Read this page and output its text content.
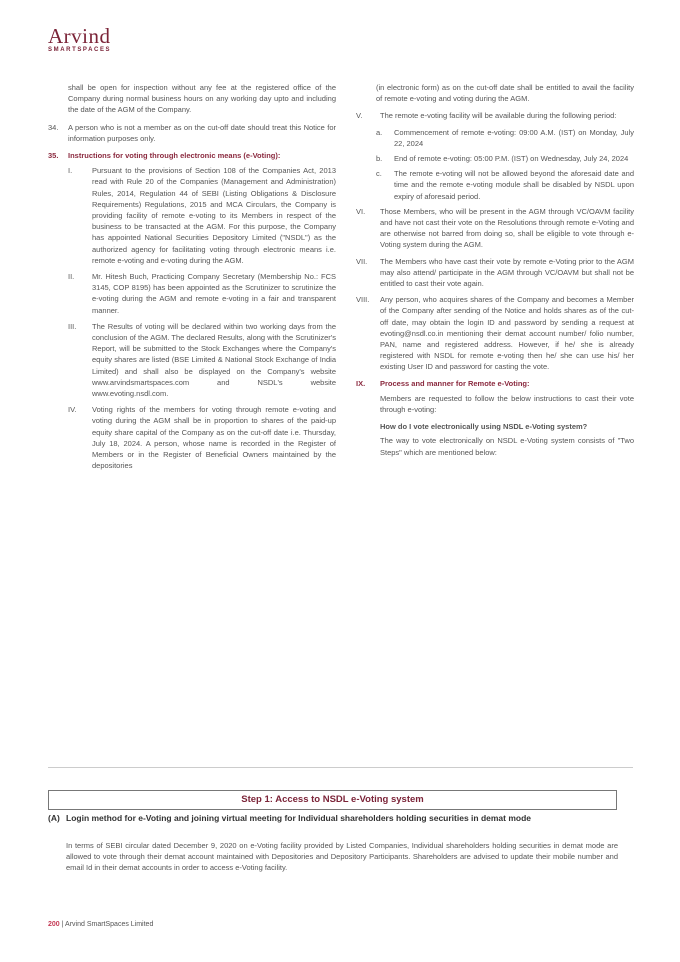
Arvind
SMARTSPACES
shall be open for inspection without any fee at the registered office of the Company during normal business hours on any working day upto and including the date of the AGM of the Company.
34.	A person who is not a member as on the cut-off date should treat this Notice for information purposes only.
35.	Instructions for voting through electronic means (e-Voting):
I.	Pursuant to the provisions of Section 108 of the Companies Act, 2013 read with Rule 20 of the Companies (Management and Administration) Rules, 2014, Regulation 44 of SEBI (Listing Obligations & Disclosure Requirements) Regulations, 2015 and MCA Circulars, the Company is providing facility of remote e-voting to its Members in respect of the business to be transacted at the AGM. For this purpose, the Company has appointed National Securities Depository Limited ("NSDL") as the authorized agency for facilitating voting through electronic means i.e. remote e-voting and e-voting during the AGM.
II.	Mr. Hitesh Buch, Practicing Company Secretary (Membership No.: FCS 3145, COP 8195) has been appointed as the Scrutinizer to scrutinize the e-voting during the AGM and remote e-voting in a fair and transparent manner.
III.	The Results of voting will be declared within two working days from the conclusion of the AGM. The declared Results, along with the Scrutinizer's Report, will be submitted to the Stock Exchanges where the Company's equity shares are listed (BSE Limited & National Stock Exchange of India Limited) and shall also be displayed on the Company's website www.arvindsmartspaces.com and NSDL's website www.evoting.nsdl.com.
IV.	Voting rights of the members for voting through remote e-voting and voting during the AGM shall be in proportion to shares of the paid-up equity share capital of the Company as on the cut-off date i.e. Thursday, July 18, 2024. A person, whose name is recorded in the Register of Members or in the Register of Beneficial Owners maintained by the depositories
(in electronic form) as on the cut-off date shall be entitled to avail the facility of remote e-voting and voting during the AGM.
V.	The remote e-voting facility will be available during the following period:
a.	Commencement of remote e-voting: 09:00 A.M. (IST) on Monday, July 22, 2024
b.	End of remote e-voting: 05:00 P.M. (IST) on Wednesday, July 24, 2024
c.	The remote e-voting will not be allowed beyond the aforesaid date and time and the remote e-voting module shall be disabled by NSDL upon expiry of aforesaid period.
VI.	Those Members, who will be present in the AGM through VC/OAVM facility and have not cast their vote on the Resolutions through remote e-Voting and are otherwise not barred from doing so, shall be eligible to vote through e-Voting system during the AGM.
VII.	The Members who have cast their vote by remote e-Voting prior to the AGM may also attend/ participate in the AGM through VC/OAVM but shall not be entitled to cast their vote again.
VIII.	Any person, who acquires shares of the Company and becomes a Member of the Company after sending of the Notice and holds shares as of the cut-off date, may obtain the login ID and password by sending a request at evoting@nsdl.co.in mentioning their demat account number/ folio number, PAN, name and registered address. However, if he/ she is already registered with NSDL for remote e-voting then he/ she can use his/ her existing User ID and password for casting the vote.
IX.	Process and manner for Remote e-Voting:
Members are requested to follow the below instructions to cast their vote through e-voting:
How do I vote electronically using NSDL e-Voting system?
The way to vote electronically on NSDL e-Voting system consists of "Two Steps" which are mentioned below:
Step 1: Access to NSDL e-Voting system
(A) Login method for e-Voting and joining virtual meeting for Individual shareholders holding securities in demat mode
In terms of SEBI circular dated December 9, 2020 on e-Voting facility provided by Listed Companies, Individual shareholders holding securities in demat mode are allowed to vote through their demat account maintained with Depositories and Depository Participants. Shareholders are advised to update their mobile number and email Id in their demat accounts in order to access e-Voting facility.
200 | Arvind SmartSpaces Limited
